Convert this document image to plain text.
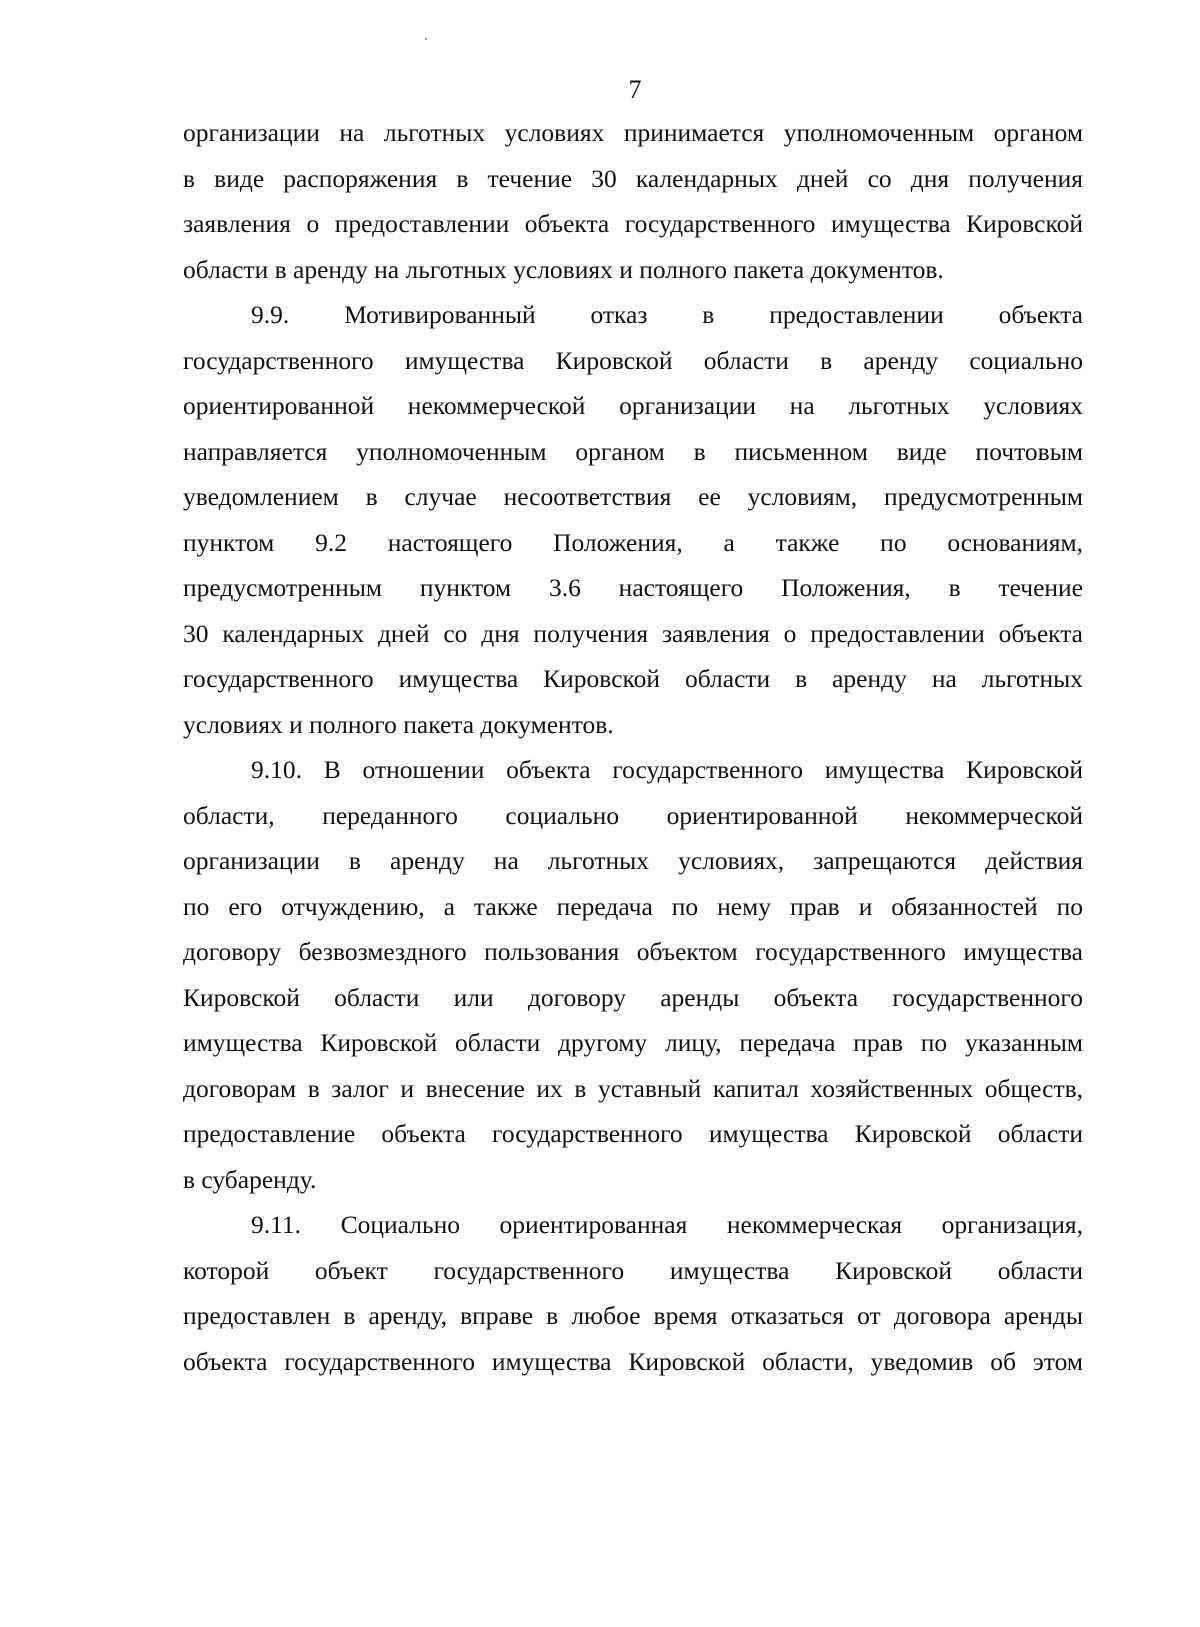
7

организации на льготных условиях принимается уполномоченным органом
в виде распоряжения в течение 30 календарных дней со дня получения
заявления о предоставлении объекта государственного имущества Кировской
области в аренду на льготных условиях и полного пакета документов.

9.9. Мотивированный отказ в предоставлении объекта
государственного имущества Кировской области в аренду социально
ориентированной некоммерческой организации на льготных условиях
направляется уполномоченным органом в письменном виде почтовым
уведомлением в случае несоответствия ее условиям, предусмотренным
пунктом 9.2 настоящего Положения, а также по основаниям,
предусмотренным пунктом 3.6 настоящего Положения, в течение
30 календарных дней со дня получения заявления о предоставлении объекта
государственного имущества Кировской области в аренду на льготных
условиях и полного пакета документов.

9.10. В отношении объекта государственного имущества Кировской
области, переданного социально ориентированной некоммерческой
организации в аренду на льготных условиях, запрещаются действия
по его отчуждению, а также передача по нему прав и обязанностей по
договору безвозмездного пользования объектом государственного имущества
Кировской области или договору аренды объекта государственного
имущества Кировской области другому лицу, передача прав по указанным
договорам в залог и внесение их в уставный капитал хозяйственных обществ,
предоставление объекта государственного имущества Кировской области
в субаренду.

9.11. Социально ориентированная некоммерческая организация,
которой объект государственного имущества Кировской области
предоставлен в аренду, вправе в любое время отказаться от договора аренды
объекта государственного имущества Кировской области, уведомив об этом
